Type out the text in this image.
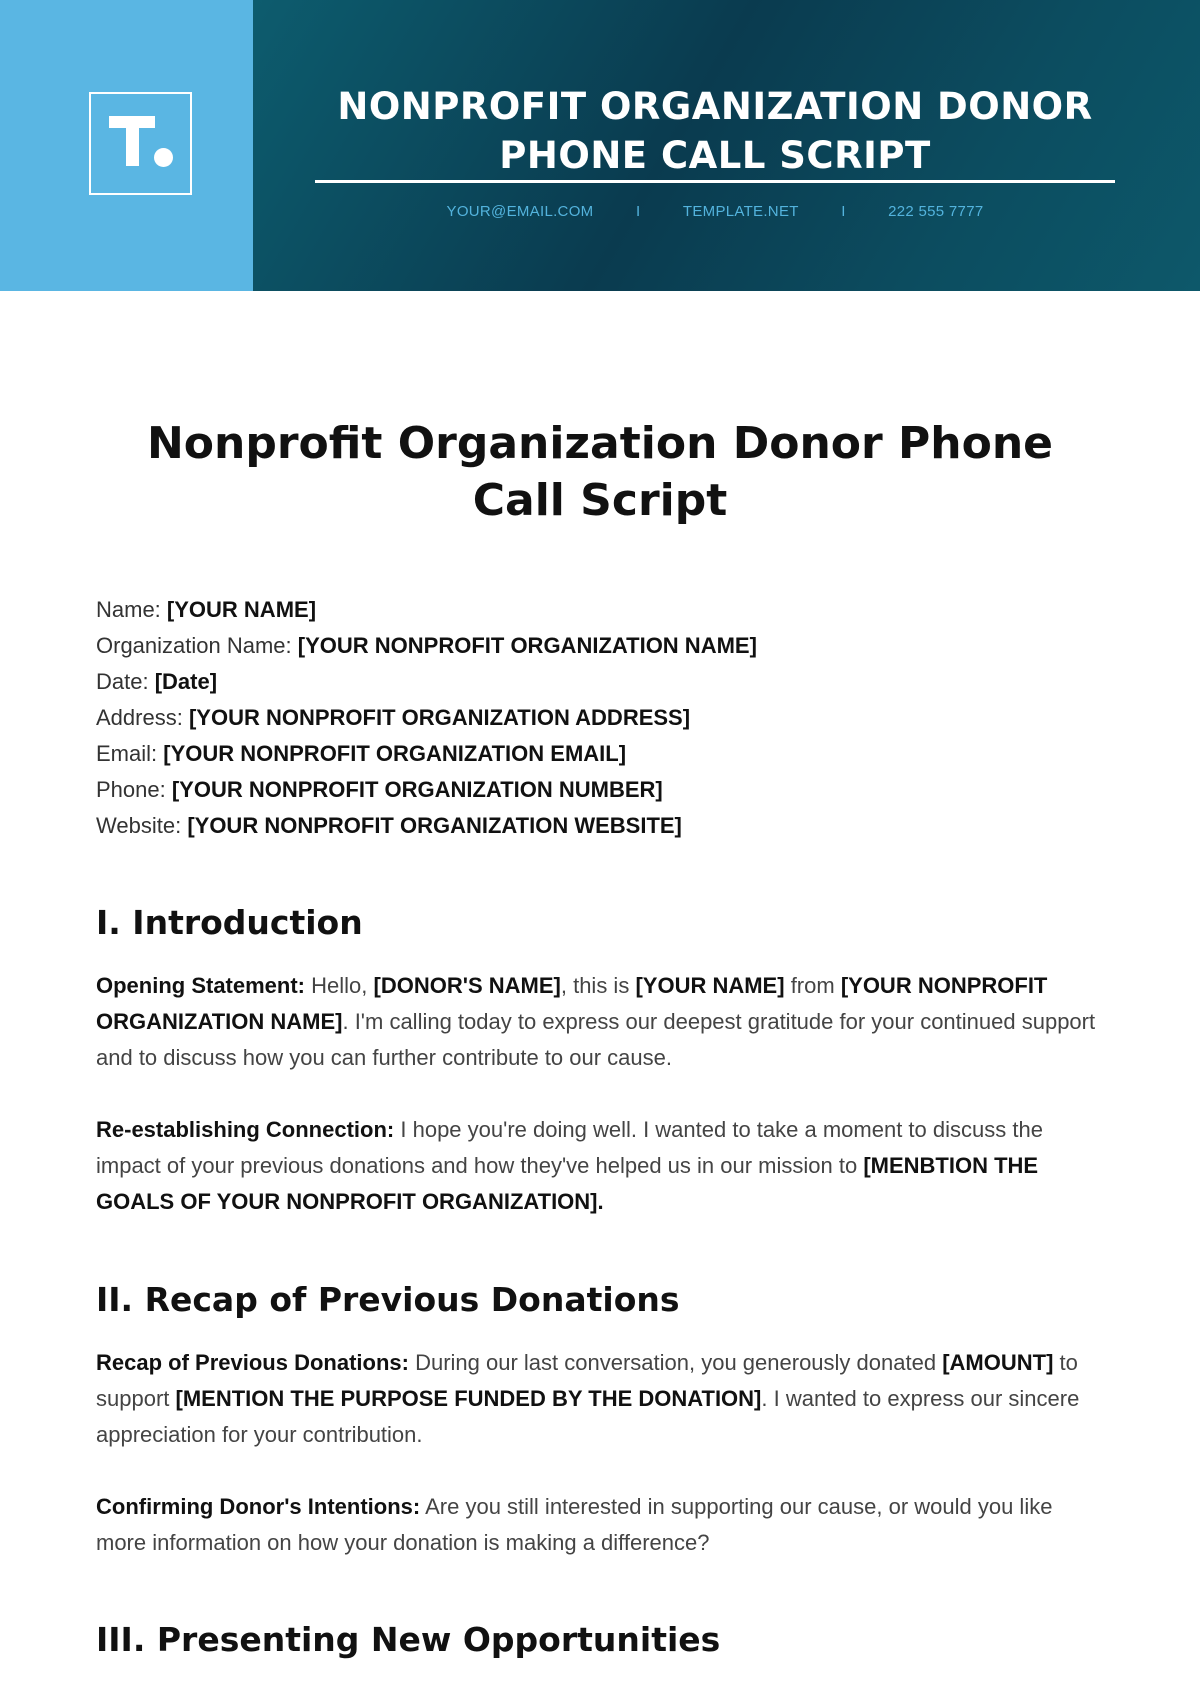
NONPROFIT ORGANIZATION DONOR PHONE CALL SCRIPT
YOUR@EMAIL.COM	I	TEMPLATE.NET	I	222 555 7777
Nonprofit Organization Donor Phone Call Script
Name: [YOUR NAME]
Organization Name: [YOUR NONPROFIT ORGANIZATION NAME]
Date: [Date]
Address: [YOUR NONPROFIT ORGANIZATION ADDRESS]
Email: [YOUR NONPROFIT ORGANIZATION EMAIL]
Phone: [YOUR NONPROFIT ORGANIZATION NUMBER]
Website: [YOUR NONPROFIT ORGANIZATION WEBSITE]
I. Introduction
Opening Statement: Hello, [DONOR'S NAME], this is [YOUR NAME] from [YOUR NONPROFIT ORGANIZATION NAME]. I'm calling today to express our deepest gratitude for your continued support and to discuss how you can further contribute to our cause.
Re-establishing Connection: I hope you're doing well. I wanted to take a moment to discuss the impact of your previous donations and how they've helped us in our mission to [MENBTION THE GOALS OF YOUR NONPROFIT ORGANIZATION].
II. Recap of Previous Donations
Recap of Previous Donations: During our last conversation, you generously donated [AMOUNT] to support [MENTION THE PURPOSE FUNDED BY THE DONATION]. I wanted to express our sincere appreciation for your contribution.
Confirming Donor's Intentions: Are you still interested in supporting our cause, or would you like more information on how your donation is making a difference?
III. Presenting New Opportunities
